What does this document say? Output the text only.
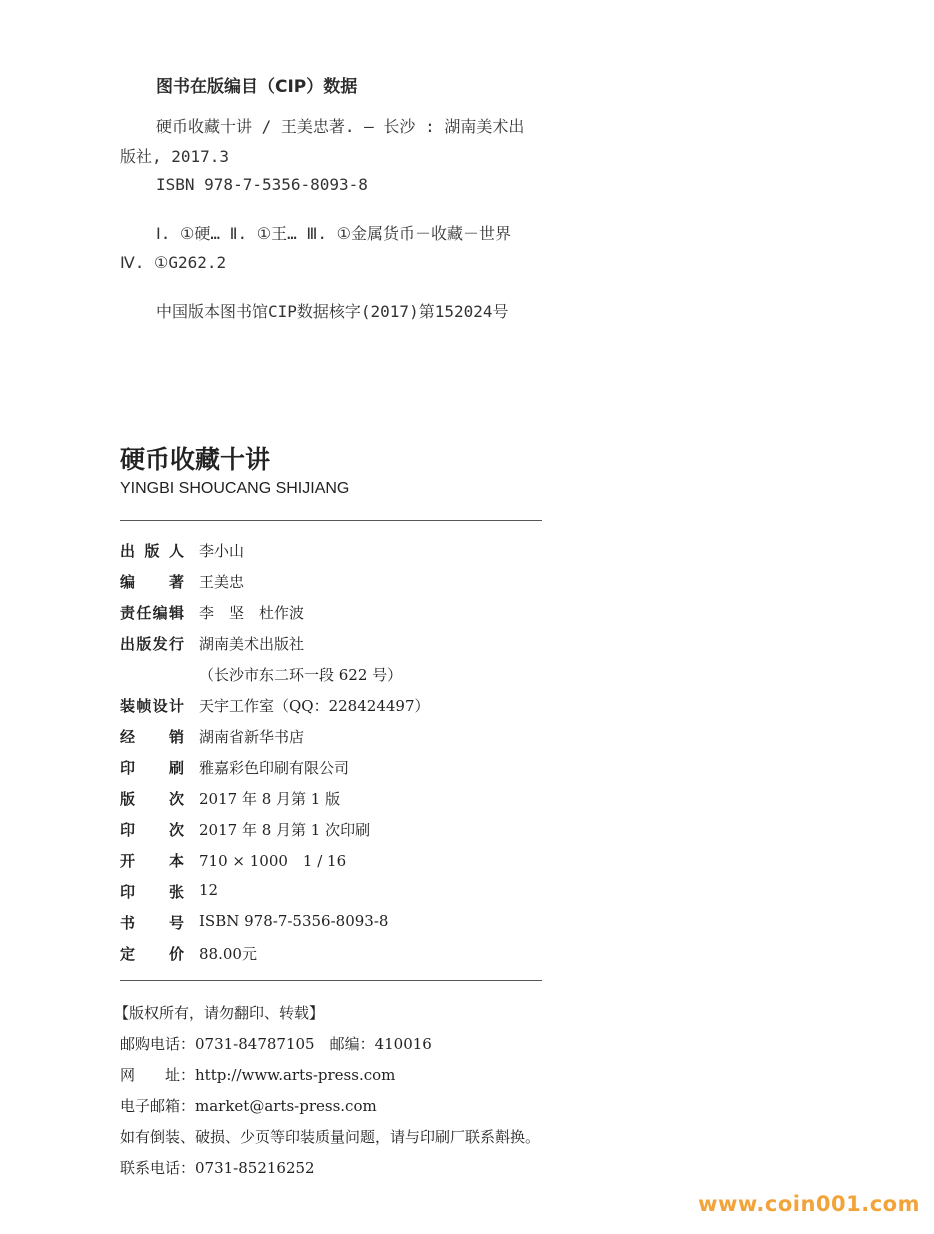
图书在版编目（CIP）数据
硬币收藏十讲 / 王美忠著. — 长沙 : 湖南美术出
版社, 2017.3
ISBN 978-7-5356-8093-8
Ⅰ. ①硬… Ⅱ. ①王… Ⅲ. ①金属货币－收藏－世界
Ⅳ. ①G262.2
中国版本图书馆CIP数据核字(2017)第152024号
硬币收藏十讲
YINGBI SHOUCANG SHIJIANG
出版人 李小山
编著 王美忠
责任编辑 李　坚　杜作波
出版发行 湖南美术出版社
（长沙市东二环一段 622 号）
装帧设计 天宇工作室（QQ：228424497）
经销 湖南省新华书店
印刷 雅嘉彩色印刷有限公司
版次 2017 年 8 月第 1 版
印次 2017 年 8 月第 1 次印刷
开本 710 × 1000　1 / 16
印张 12
书号 ISBN 978-7-5356-8093-8
定价 88.00元
【版权所有，请勿翻印、转载】
邮购电话：0731-84787105　邮编：410016
网　　址：http://www.arts-press.com
电子邮箱：market@arts-press.com
如有倒装、破损、少页等印装质量问题，请与印刷厂联系斢换。
联系电话：0731-85216252
www.coin001.com
